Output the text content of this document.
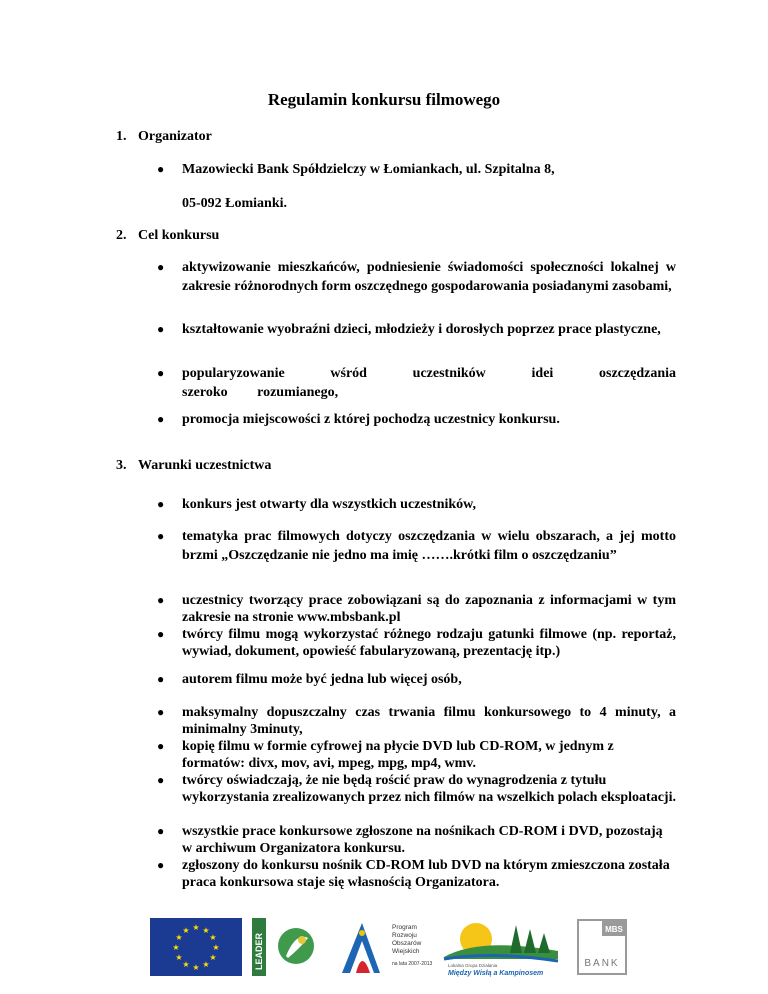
Regulamin konkursu filmowego
1. Organizator
● Mazowiecki Bank Spółdzielczy w Łomiankach, ul. Szpitalna 8,
05-092 Łomianki.
2. Cel konkursu
● aktywizowanie mieszkańców, podniesienie świadomości społeczności lokalnej w zakresie różnorodnych form oszczędnego gospodarowania posiadanymi zasobami,
● kształtowanie wyobraźni dzieci, młodzieży i dorosłych poprzez prace plastyczne,
● popularyzowanie wśród uczestników idei oszczędzania szeroko rozumianego,
● promocja miejscowości z której pochodzą uczestnicy konkursu.
3. Warunki uczestnictwa
● konkurs jest otwarty dla wszystkich uczestników,
● tematyka prac filmowych dotyczy oszczędzania w wielu obszarach, a jej motto brzmi „Oszczędzanie nie jedno ma imię …….krótki film o oszczędzaniu”
● uczestnicy tworzący prace zobowiązani są do zapoznania z informacjami w tym zakresie na stronie www.mbsbank.pl
● twórcy filmu mogą wykorzystać różnego rodzaju gatunki filmowe (np. reportaż, wywiad, dokument, opowieść fabularyzowaną, prezentację itp.)
● autorem filmu może być jedna lub więcej osób,
● maksymalny dopuszczalny czas trwania filmu konkursowego to 4 minuty, a minimalny 3minuty,
● kopię filmu w formie cyfrowej na płycie DVD lub CD-ROM, w jednym z formatów: divx, mov, avi, mpeg, mpg, mp4, wmv.
● twórcy oświadczają, że nie będą rościć praw do wynagrodzenia z tytułu wykorzystania zrealizowanych przez nich filmów na wszelkich polach eksploatacji.
● wszystkie prace konkursowe zgłoszone na nośnikach CD-ROM i DVD, pozostają w archiwum Organizatora konkursu.
● zgłoszony do konkursu nośnik CD-ROM lub DVD na którym zmieszczona została praca konkursowa staje się własnością Organizatora.
★ ★
★
★
★
★
★
★
★
★
★
★
LEADER
Program
Rozwoju
Obszarów
Wiejskich
na lata 2007-2013	Lokalna Grupa Działania
Między Wisłą a Kampinosem
MBS
BANK
